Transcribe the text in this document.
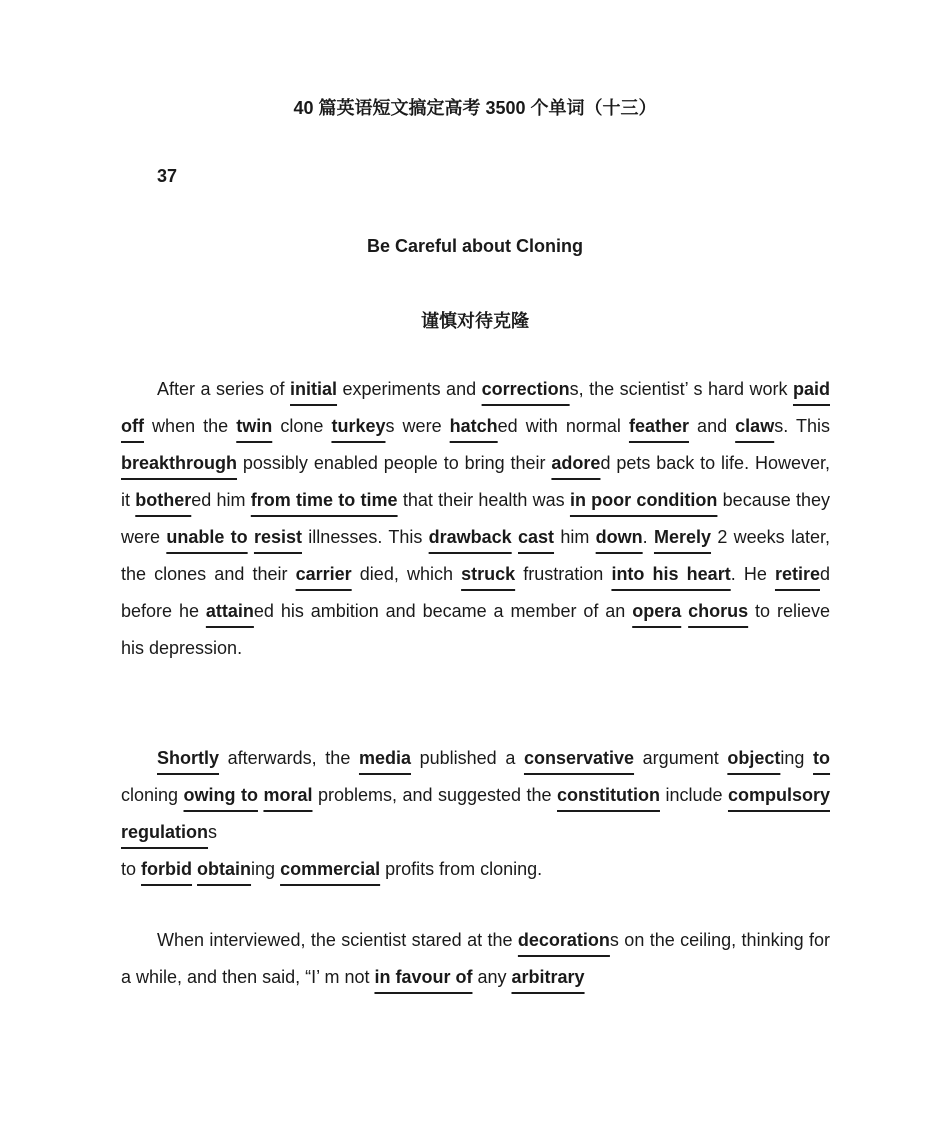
40 篇英语短文搞定高考 3500 个单词（十三）
37
Be Careful about Cloning
谨慎对待克隆

After a series of initial experiments and corrections, the scientist’ s hard work paid off when the twin clone turkeys were hatched with normal feather and claws. This breakthrough possibly enabled people to bring their adored pets back to life. However, it bothered him from time to time that their health was in poor condition because they were unable to resist illnesses. This drawback cast him down. Merely 2 weeks later, the clones and their carrier died, which struck frustration into his heart. He retired before he attained his ambition and became a member of an opera chorus to relieve his depression.

Shortly afterwards, the media published a conservative argument objecting to cloning owing to moral problems, and suggested the constitution include compulsory regulations
to forbid obtaining commercial profits from cloning.

When interviewed, the scientist stared at the decorations on the ceiling, thinking for a while, and then said, “I’ m not in favour of any arbitrary
